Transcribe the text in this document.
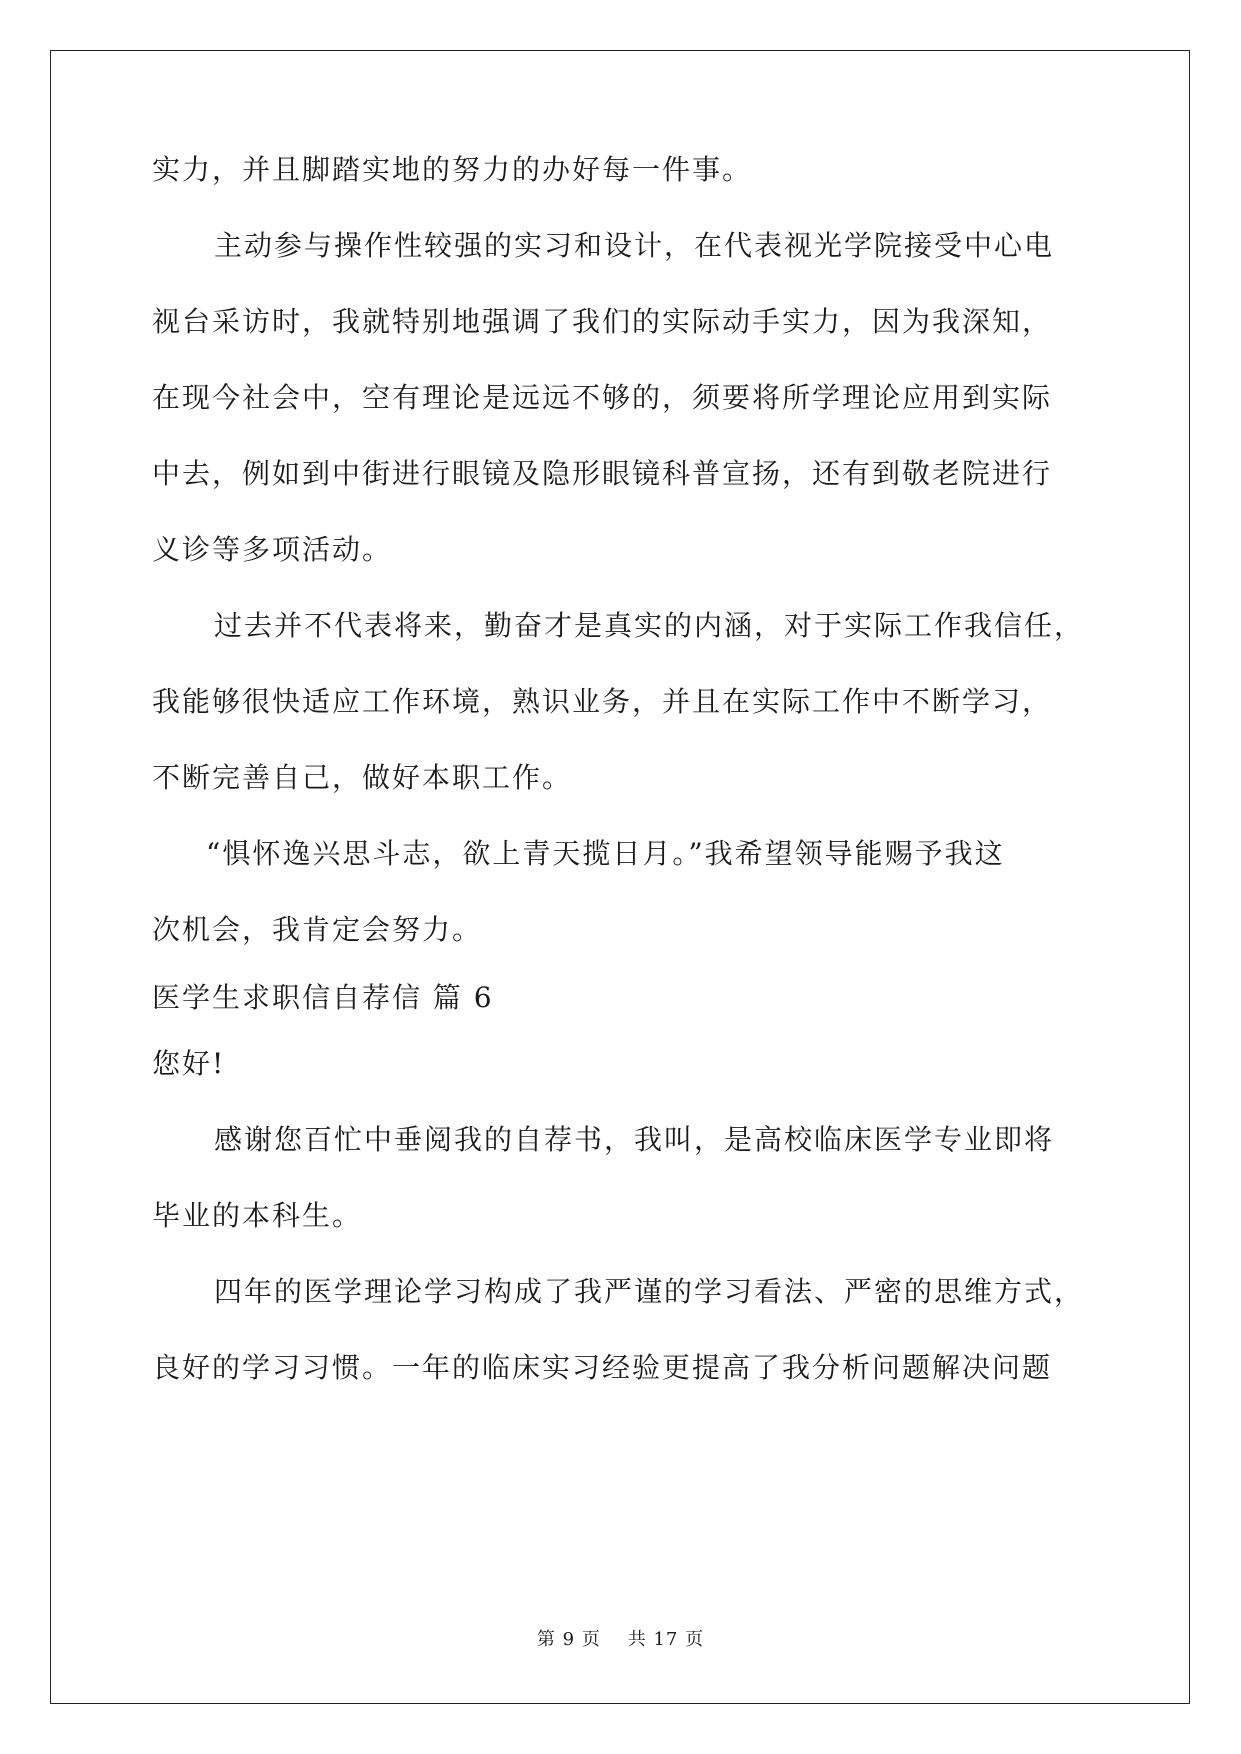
实力，并且脚踏实地的努力的办好每一件事。
主动参与操作性较强的实习和设计，在代表视光学院接受中心电
视台采访时，我就特别地强调了我们的实际动手实力，因为我深知，
在现今社会中，空有理论是远远不够的，须要将所学理论应用到实际
中去，例如到中街进行眼镜及隐形眼镜科普宣扬，还有到敬老院进行
义诊等多项活动。
过去并不代表将来，勤奋才是真实的内涵，对于实际工作我信任，
我能够很快适应工作环境，熟识业务，并且在实际工作中不断学习，
不断完善自己，做好本职工作。
“惧怀逸兴思斗志，欲上青天揽日月。”我希望领导能赐予我这
次机会，我肯定会努力。
医学生求职信自荐信 篇 6
您好!
感谢您百忙中垂阅我的自荐书，我叫，是高校临床医学专业即将
毕业的本科生。
四年的医学理论学习构成了我严谨的学习看法、严密的思维方式，
良好的学习习惯。一年的临床实习经验更提高了我分析问题解决问题
第 9 页 共 17 页
